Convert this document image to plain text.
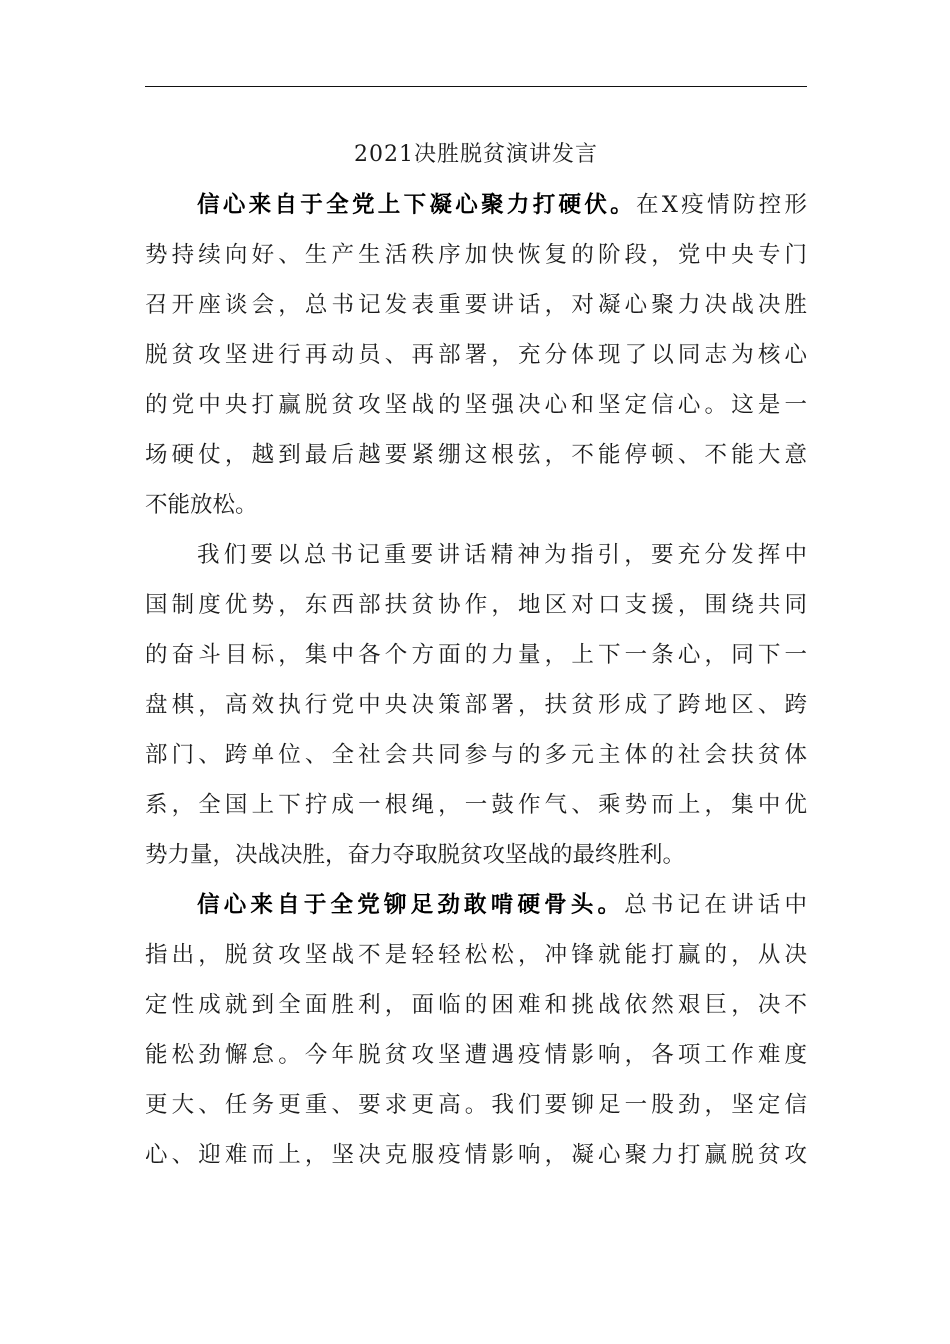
2021决胜脱贫演讲发言
信心来自于全党上下凝心聚力打硬伏。在X疫情防控形
势持续向好、生产生活秩序加快恢复的阶段，党中央专门
召开座谈会，总书记发表重要讲话，对凝心聚力决战决胜
脱贫攻坚进行再动员、再部署，充分体现了以同志为核心
的党中央打赢脱贫攻坚战的坚强决心和坚定信心。这是一
场硬仗，越到最后越要紧绷这根弦，不能停顿、不能大意
不能放松。
我们要以总书记重要讲话精神为指引，要充分发挥中
国制度优势，东西部扶贫协作，地区对口支援，围绕共同
的奋斗目标，集中各个方面的力量，上下一条心，同下一
盘棋，高效执行党中央决策部署，扶贫形成了跨地区、跨
部门、跨单位、全社会共同参与的多元主体的社会扶贫体
系，全国上下拧成一根绳，一鼓作气、乘势而上，集中优
势力量，决战决胜，奋力夺取脱贫攻坚战的最终胜利。
信心来自于全党铆足劲敢啃硬骨头。总书记在讲话中
指出，脱贫攻坚战不是轻轻松松，冲锋就能打赢的，从决
定性成就到全面胜利，面临的困难和挑战依然艰巨，决不
能松劲懈怠。今年脱贫攻坚遭遇疫情影响，各项工作难度
更大、任务更重、要求更高。我们要铆足一股劲，坚定信
心、迎难而上，坚决克服疫情影响，凝心聚力打赢脱贫攻
